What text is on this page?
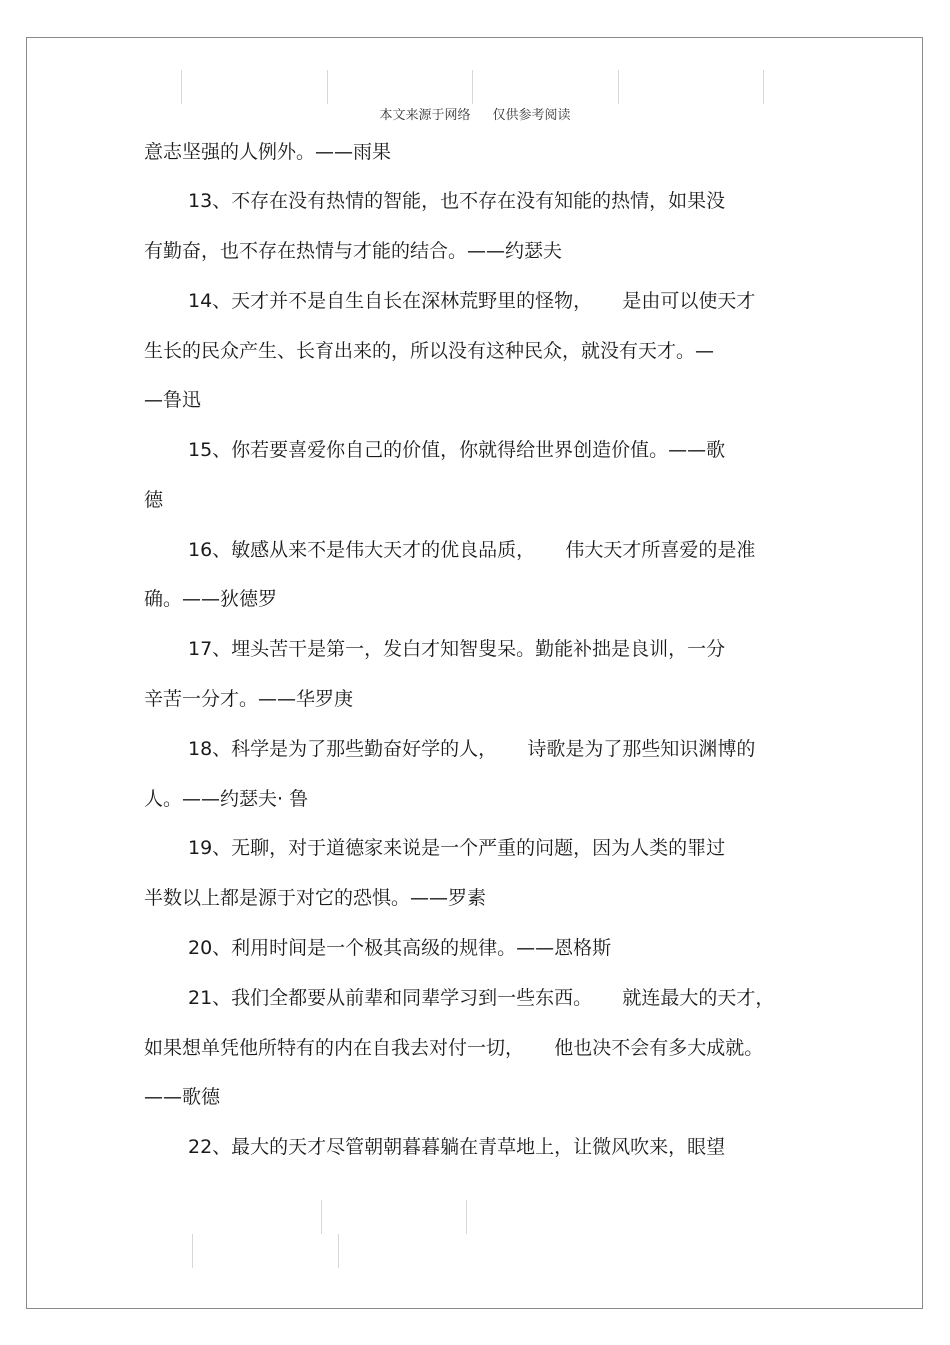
本文来源于网络 仅供参考阅读
意志坚强的人例外。——雨果
13、不存在没有热情的智能，也不存在没有知能的热情，如果没
有勤奋，也不存在热情与才能的结合。——约瑟夫
14、天才并不是自生自长在深林荒野里的怪物，     是由可以使天才
生长的民众产生、长育出来的，所以没有这种民众，就没有天才。—
—鲁迅
15、你若要喜爱你自己的价值，你就得给世界创造价值。——歌
德
16、敏感从来不是伟大天才的优良品质，     伟大天才所喜爱的是准
确。——狄德罗
17、埋头苦干是第一，发白才知智叟呆。勤能补拙是良训，一分
辛苦一分才。——华罗庚
18、科学是为了那些勤奋好学的人，     诗歌是为了那些知识渊博的
人。——约瑟夫· 鲁
19、无聊，对于道德家来说是一个严重的问题，因为人类的罪过
半数以上都是源于对它的恐惧。——罗素
20、利用时间是一个极其高级的规律。——恩格斯
21、我们全都要从前辈和同辈学习到一些东西。     就连最大的天才，
如果想单凭他所特有的内在自我去对付一切，     他也决不会有多大成就。
——歌德
22、最大的天才尽管朝朝暮暮躺在青草地上，让微风吹来，眼望
